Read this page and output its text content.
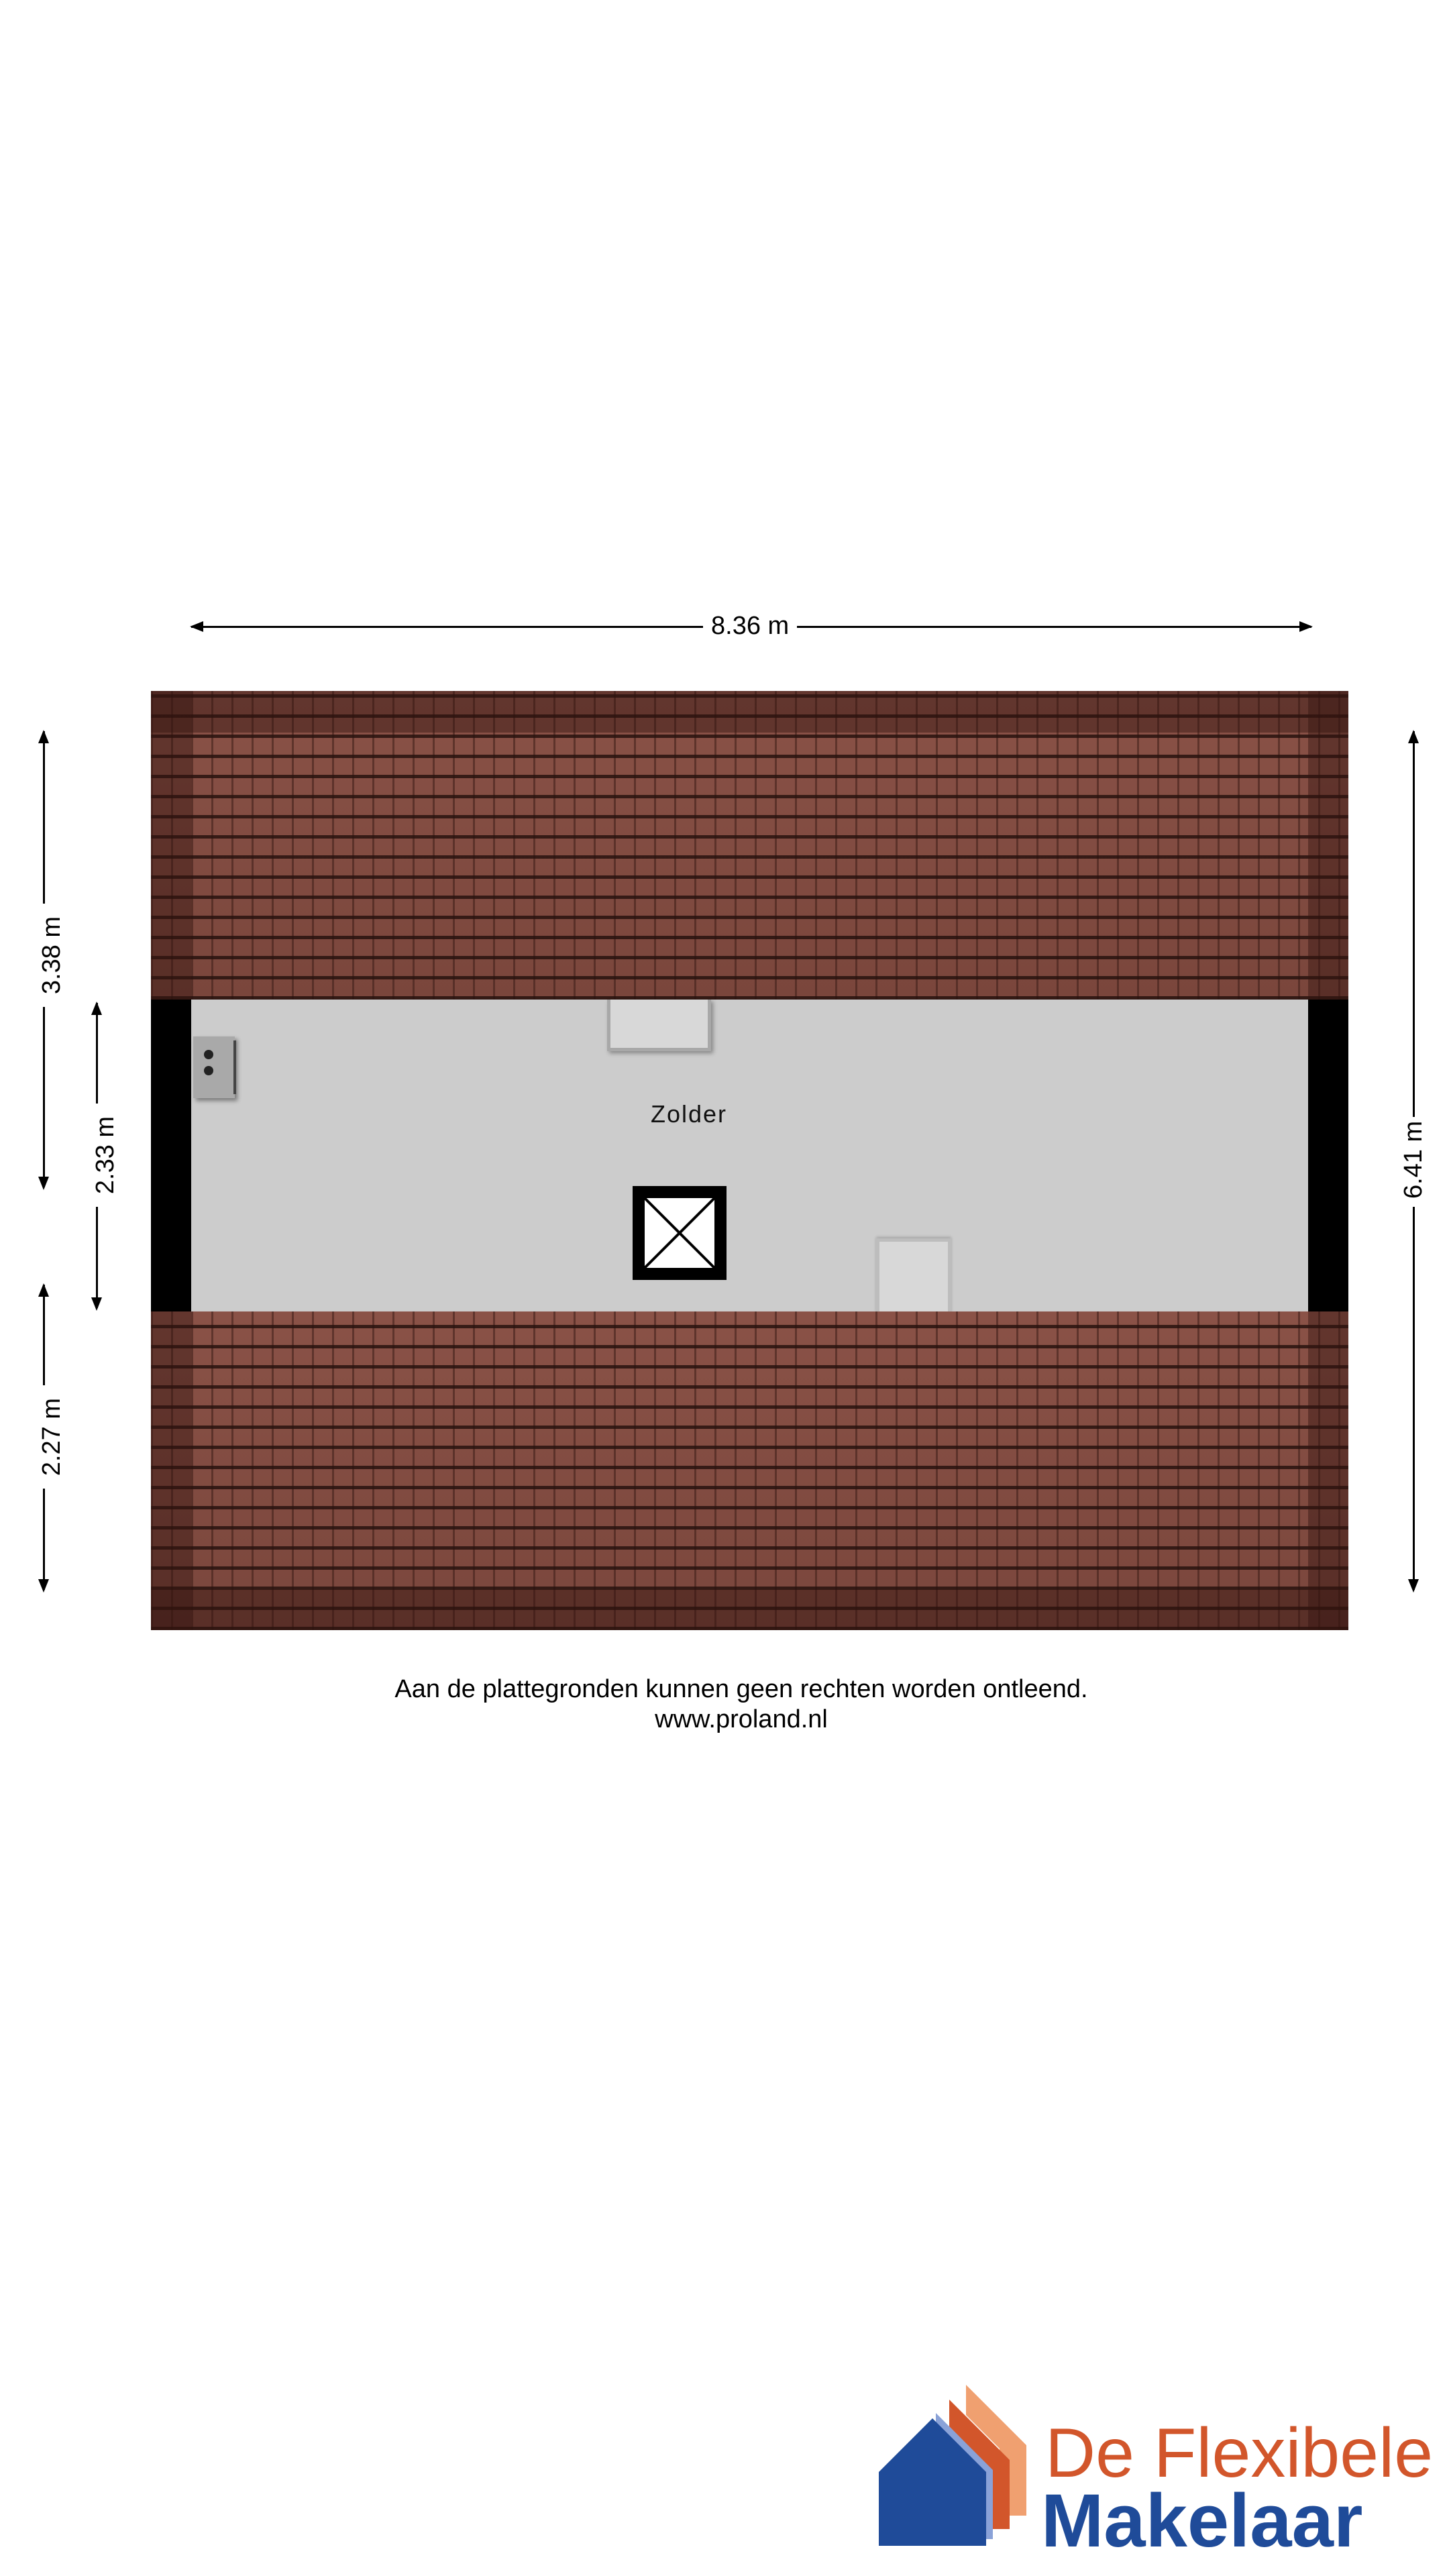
8.36 m
6.41 m
3.38 m
2.33 m
2.27 m
Zolder
Aan de plattegronden kunnen geen rechten worden ontleend.
www.proland.nl
De Flexibele
Makelaar
